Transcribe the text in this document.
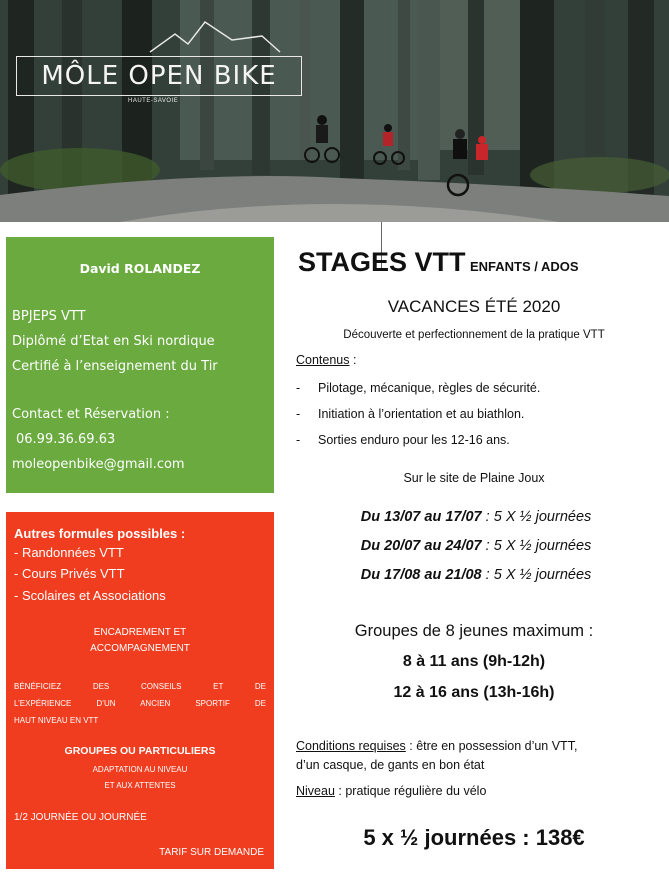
MÔLE OPEN BIKE
HAUTE-SAVOIE
David ROLANDEZ
BPJEPS VTT
Diplômé d’Etat en Ski nordique
Certifié à l’enseignement du Tir
Contact et Réservation :
06.99.36.69.63
moleopenbike@gmail.com
Autres formules possibles :
- Randonnées VTT
- Cours Privés VTT
- Scolaires et Associations
ENCADREMENT ET
ACCOMPAGNEMENT
BÉNÉFICIEZ DES CONSEILS ET DE
L’EXPÉRIENCE D’UN ANCIEN SPORTIF DE
HAUT NIVEAU EN VTT
GROUPES OU PARTICULIERS
ADAPTATION AU NIVEAU
ET AUX ATTENTES
1/2 JOURNÉE OU JOURNÉE
TARIF SUR DEMANDE
STAGES VTT ENFANTS / ADOS
VACANCES ÉTÉ 2020
Découverte et perfectionnement de la pratique VTT
Contenus :
- Pilotage, mécanique, règles de sécurité.
- Initiation à l’orientation et au biathlon.
- Sorties enduro pour les 12-16 ans.
Sur le site de Plaine Joux
Du 13/07 au 17/07 : 5 X ½ journées
Du 20/07 au 24/07 : 5 X ½ journées
Du 17/08 au 21/08 : 5 X ½ journées
Groupes de 8 jeunes maximum :
8 à 11 ans (9h-12h)
12 à 16 ans (13h-16h)
Conditions requises : être en possession d’un VTT,
d’un casque, de gants en bon état
Niveau : pratique régulière du vélo
5 x ½ journées : 138€
